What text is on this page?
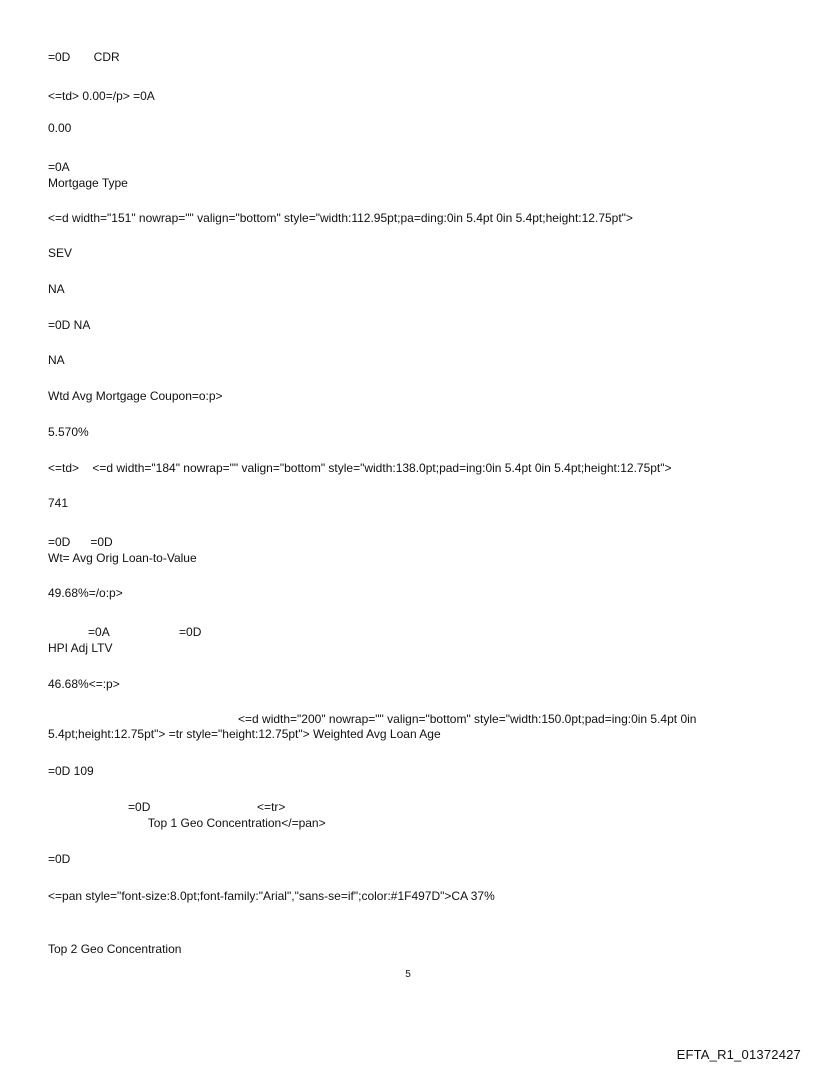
=0D       CDR
<=td> 0.00=/p> =0A
0.00
=0A
Mortgage Type
<=d width="151" nowrap="" valign="bottom" style="width:112.95pt;pa=ding:0in 5.4pt 0in 5.4pt;height:12.75pt">
SEV
NA
=0D NA
NA
Wtd Avg Mortgage Coupon=o:p>
5.570%
<=td>    <=d width="184" nowrap="" valign="bottom" style="width:138.0pt;pad=ing:0in 5.4pt 0in 5.4pt;height:12.75pt">
741
=0D      =0D
Wt= Avg Orig Loan-to-Value
49.68%=/o:p>
=0A                     =0D
HPI Adj LTV
46.68%<=:p>
<=d width="200" nowrap="" valign="bottom" style="width:150.0pt;pad=ing:0in 5.4pt 0in 5.4pt;height:12.75pt"> =tr style="height:12.75pt"> Weighted Avg Loan Age
=0D 109
=0D                                <=tr>
Top 1 Geo Concentration</=pan>
=0D
<=pan style="font-size:8.0pt;font-family:"Arial","sans-se=if";color:#1F497D">CA 37%
Top 2 Geo Concentration
5
EFTA_R1_01372427
